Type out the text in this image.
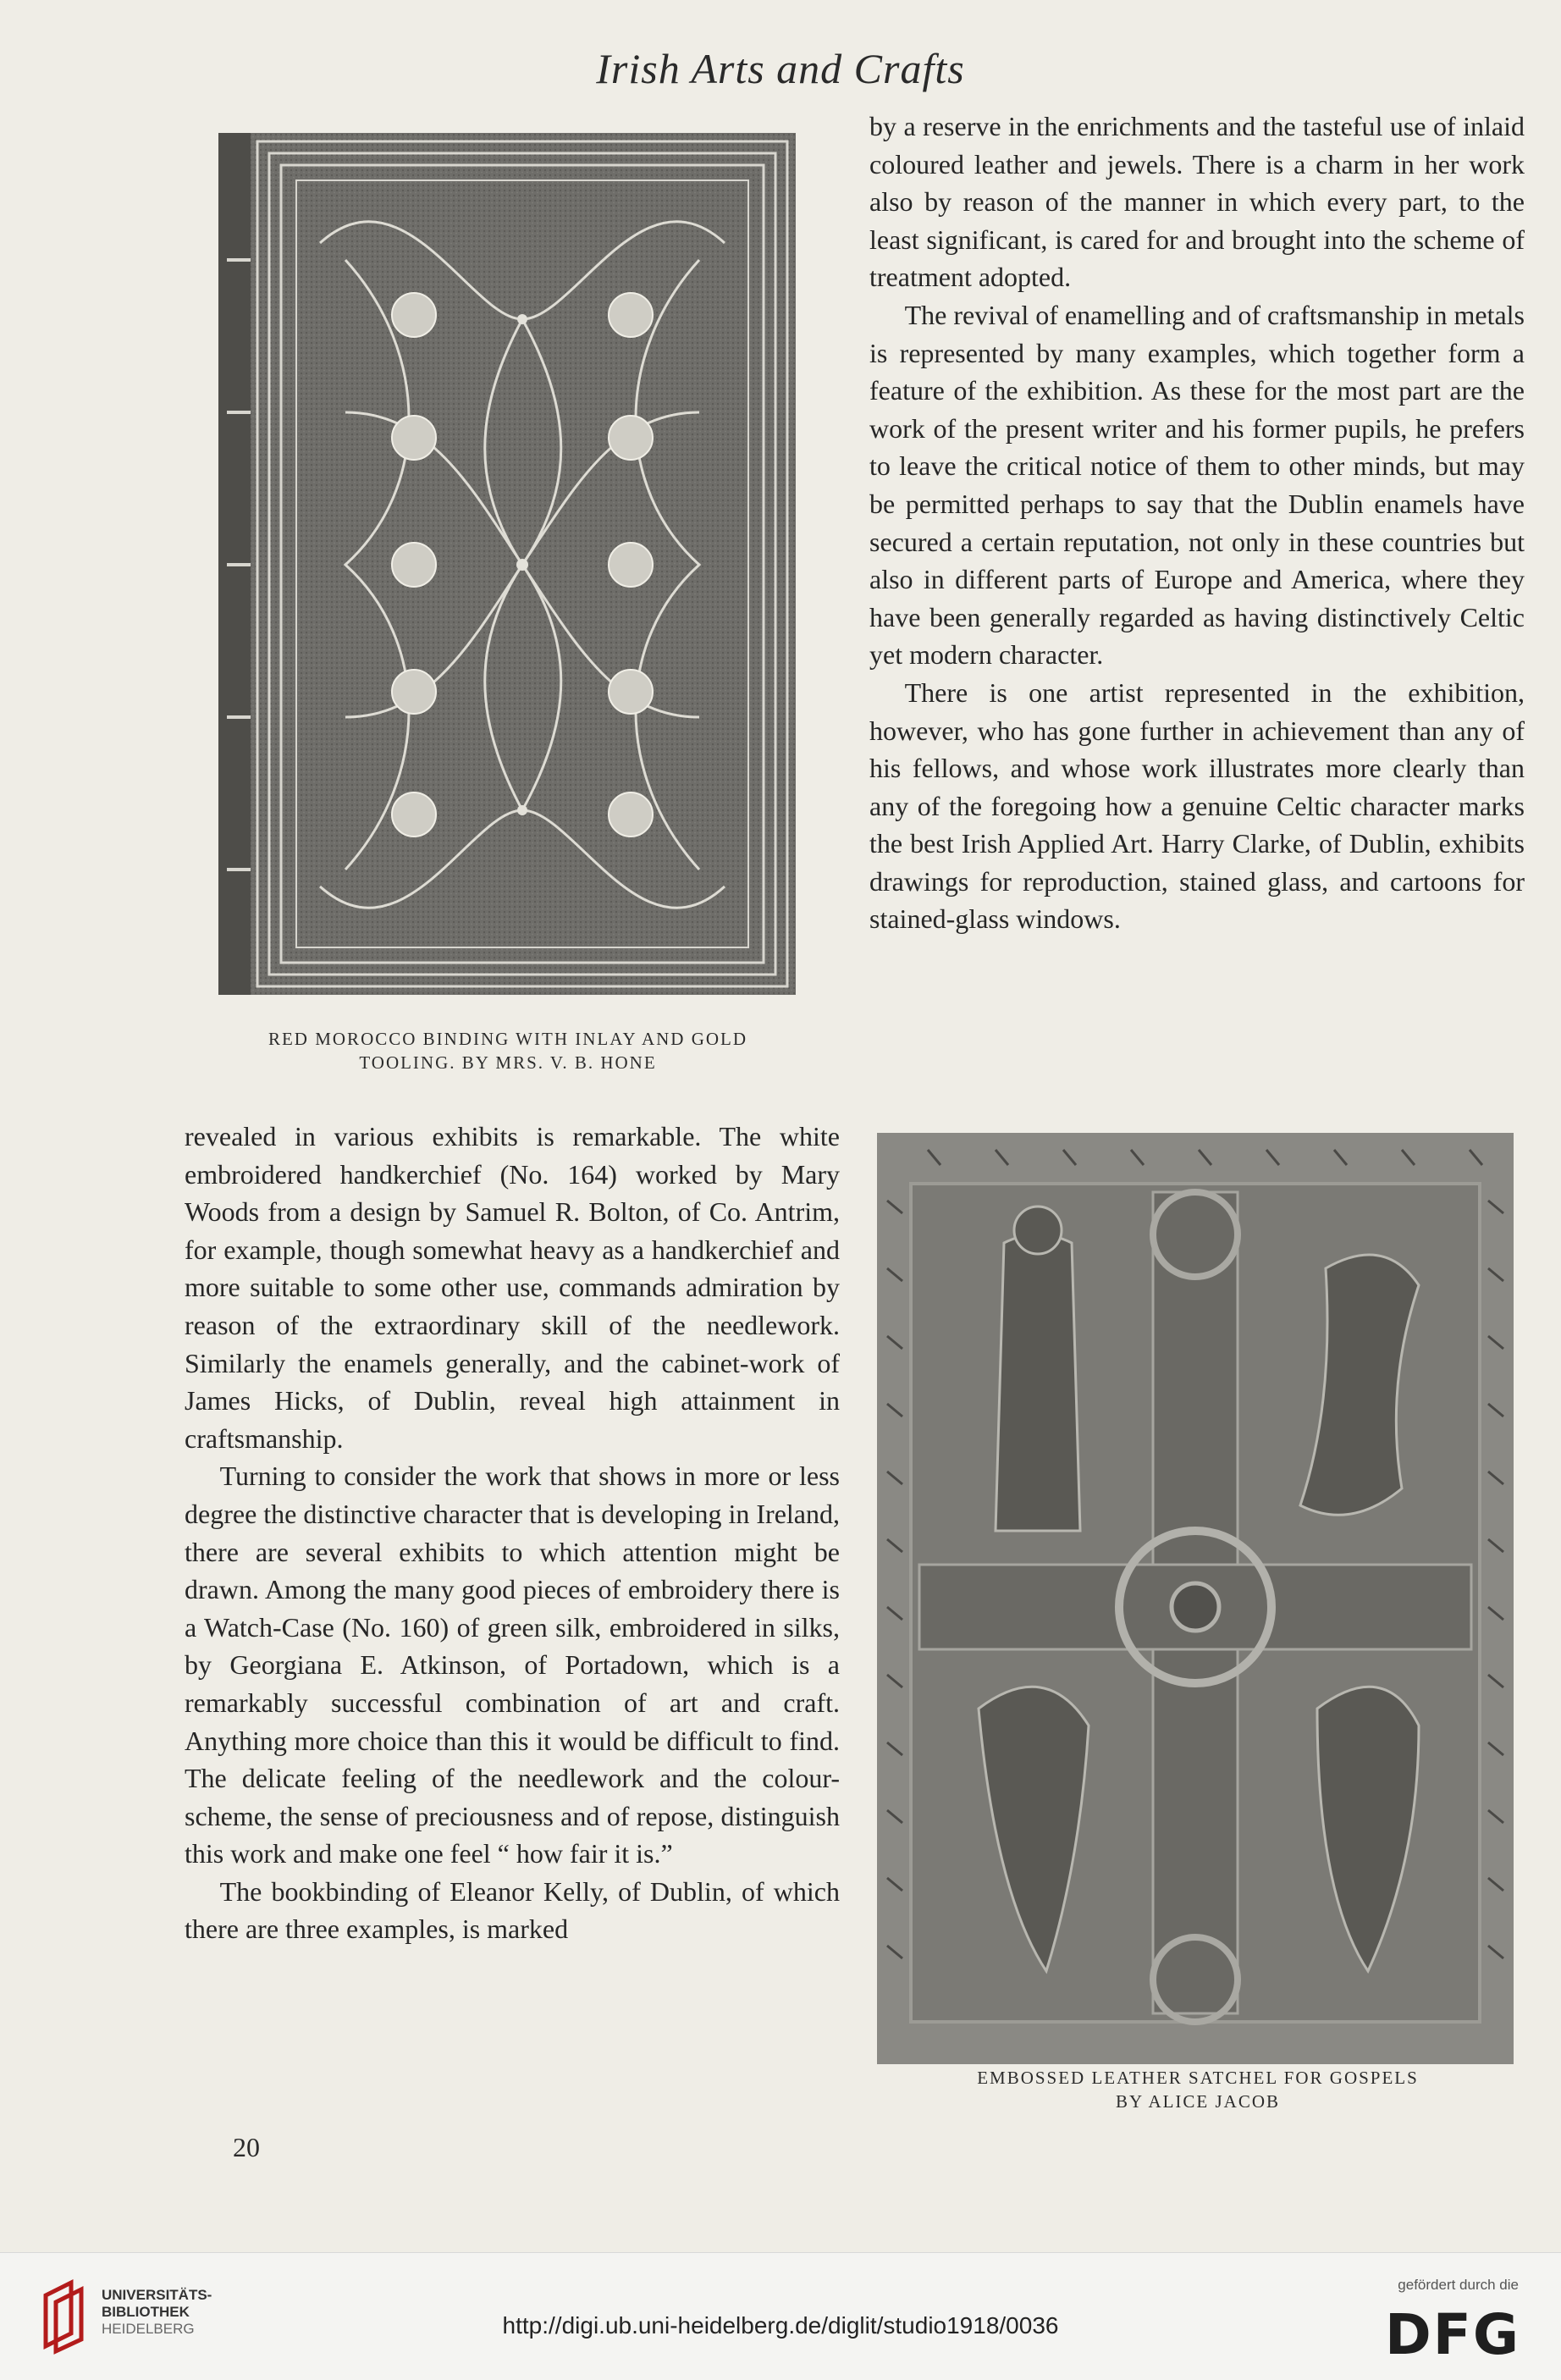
Irish Arts and Crafts
RED MOROCCO BINDING WITH INLAY AND GOLD
TOOLING. BY MRS. V. B. HONE

by a reserve in the enrichments and the tasteful use of inlaid coloured leather and jewels. There is a charm in her work also by reason of the manner in which every part, to the least significant, is cared for and brought into the scheme of treatment adopted.

The revival of enamelling and of craftsmanship in metals is represented by many examples, which together form a feature of the exhibition. As these for the most part are the work of the present writer and his former pupils, he prefers to leave the critical notice of them to other minds, but may be permitted perhaps to say that the Dublin enamels have secured a certain reputation, not only in these countries but also in different parts of Europe and America, where they have been generally regarded as having distinctively Celtic yet modern character.

There is one artist represented in the exhibition, however, who has gone further in achievement than any of his fellows, and whose work illustrates more clearly than any of the foregoing how a genuine Celtic character marks the best Irish Applied Art. Harry Clarke, of Dublin, exhibits drawings for reproduction, stained glass, and cartoons for stained-glass windows.

revealed in various exhibits is remarkable. The white embroidered handkerchief (No. 164) worked by Mary Woods from a design by Samuel R. Bolton, of Co. Antrim, for example, though somewhat heavy as a handkerchief and more suitable to some other use, commands admiration by reason of the extraordinary skill of the needlework. Similarly the enamels generally, and the cabinet-work of James Hicks, of Dublin, reveal high attainment in craftsmanship.

Turning to consider the work that shows in more or less degree the distinctive character that is developing in Ireland, there are several exhibits to which attention might be drawn. Among the many good pieces of embroidery there is a Watch-Case (No. 160) of green silk, embroidered in silks, by Georgiana E. Atkinson, of Portadown, which is a remarkably successful combination of art and craft. Anything more choice than this it would be difficult to find. The delicate feeling of the needlework and the colour-scheme, the sense of preciousness and of repose, distinguish this work and make one feel “ how fair it is.”

The bookbinding of Eleanor Kelly, of Dublin, of which there are three examples, is marked

EMBOSSED LEATHER SATCHEL FOR GOSPELS
BY ALICE JACOB
20
UNIVERSITÄTS-
BIBLIOTHEK
HEIDELBERG	http://digi.ub.uni-heidelberg.de/diglit/studio1918/0036
gefördert durch die
DFG
